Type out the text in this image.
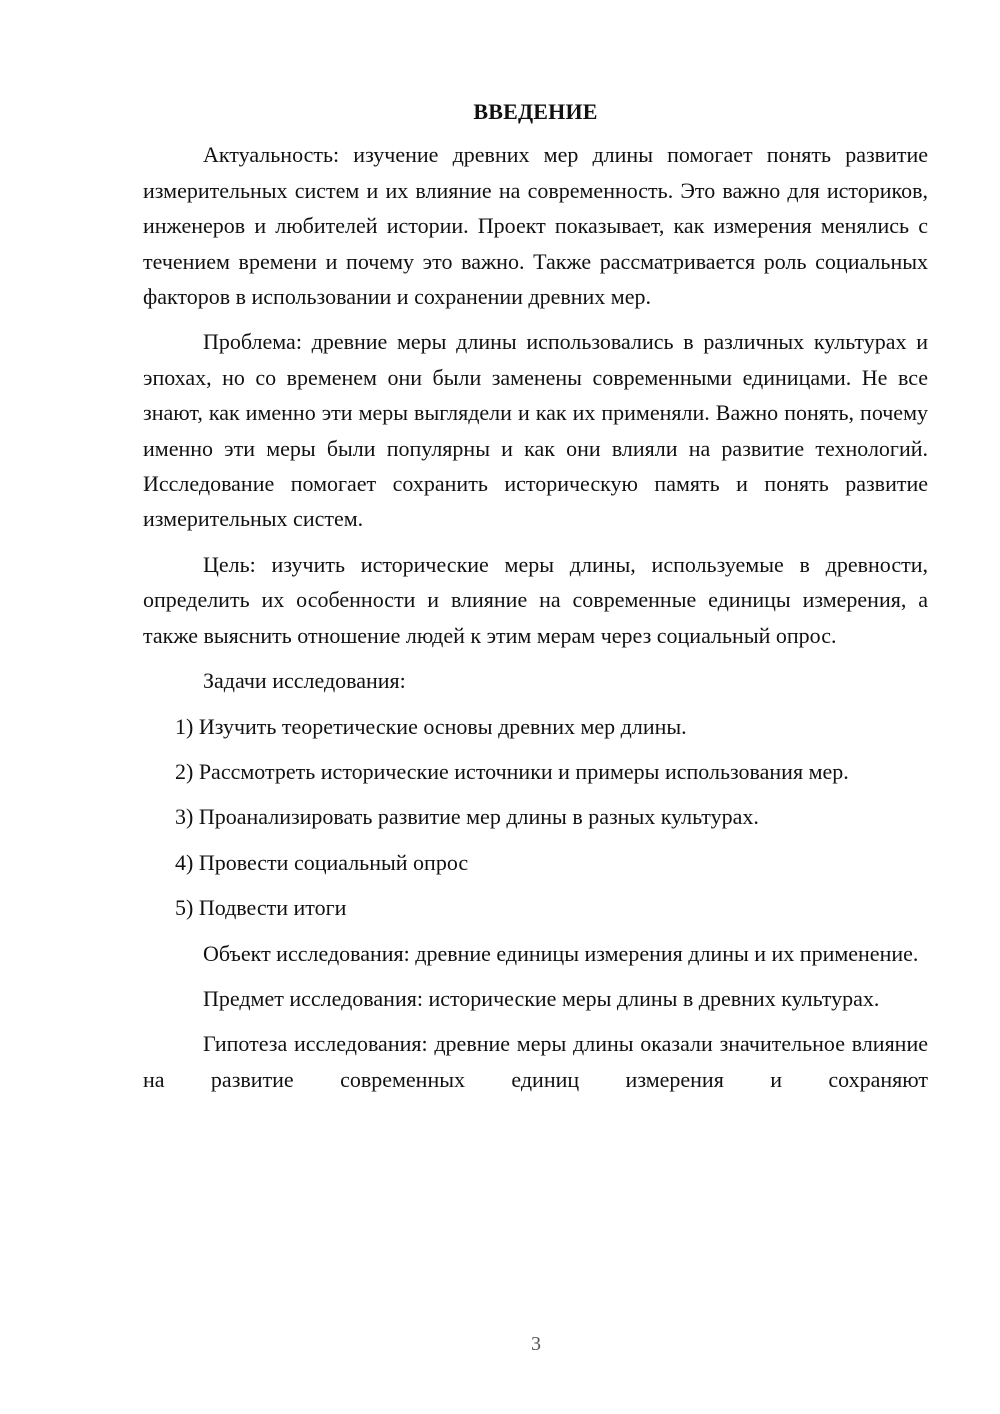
ВВЕДЕНИЕ

Актуальность: изучение древних мер длины помогает понять развитие измерительных систем и их влияние на современность. Это важно для историков, инженеров и любителей истории. Проект показывает, как измерения менялись с течением времени и почему это важно. Также рассматривается роль социальных факторов в использовании и сохранении древних мер.

Проблема: древние меры длины использовались в различных культурах и эпохах, но со временем они были заменены современными единицами. Не все знают, как именно эти меры выглядели и как их применяли. Важно понять, почему именно эти меры были популярны и как они влияли на развитие технологий. Исследование помогает сохранить историческую память и понять развитие измерительных систем.

Цель: изучить исторические меры длины, используемые в древности, определить их особенности и влияние на современные единицы измерения, а также выяснить отношение людей к этим мерам через социальный опрос.

Задачи исследования:

1) Изучить теоретические основы древних мер длины.

2) Рассмотреть исторические источники и примеры использования мер.

3) Проанализировать развитие мер длины в разных культурах.

4) Провести социальный опрос

5) Подвести итоги

Объект исследования: древние единицы измерения длины и их применение.

Предмет исследования: исторические меры длины в древних культурах.

Гипотеза исследования: древние меры длины оказали значительное влияние на развитие современных единиц измерения и сохраняют

3
